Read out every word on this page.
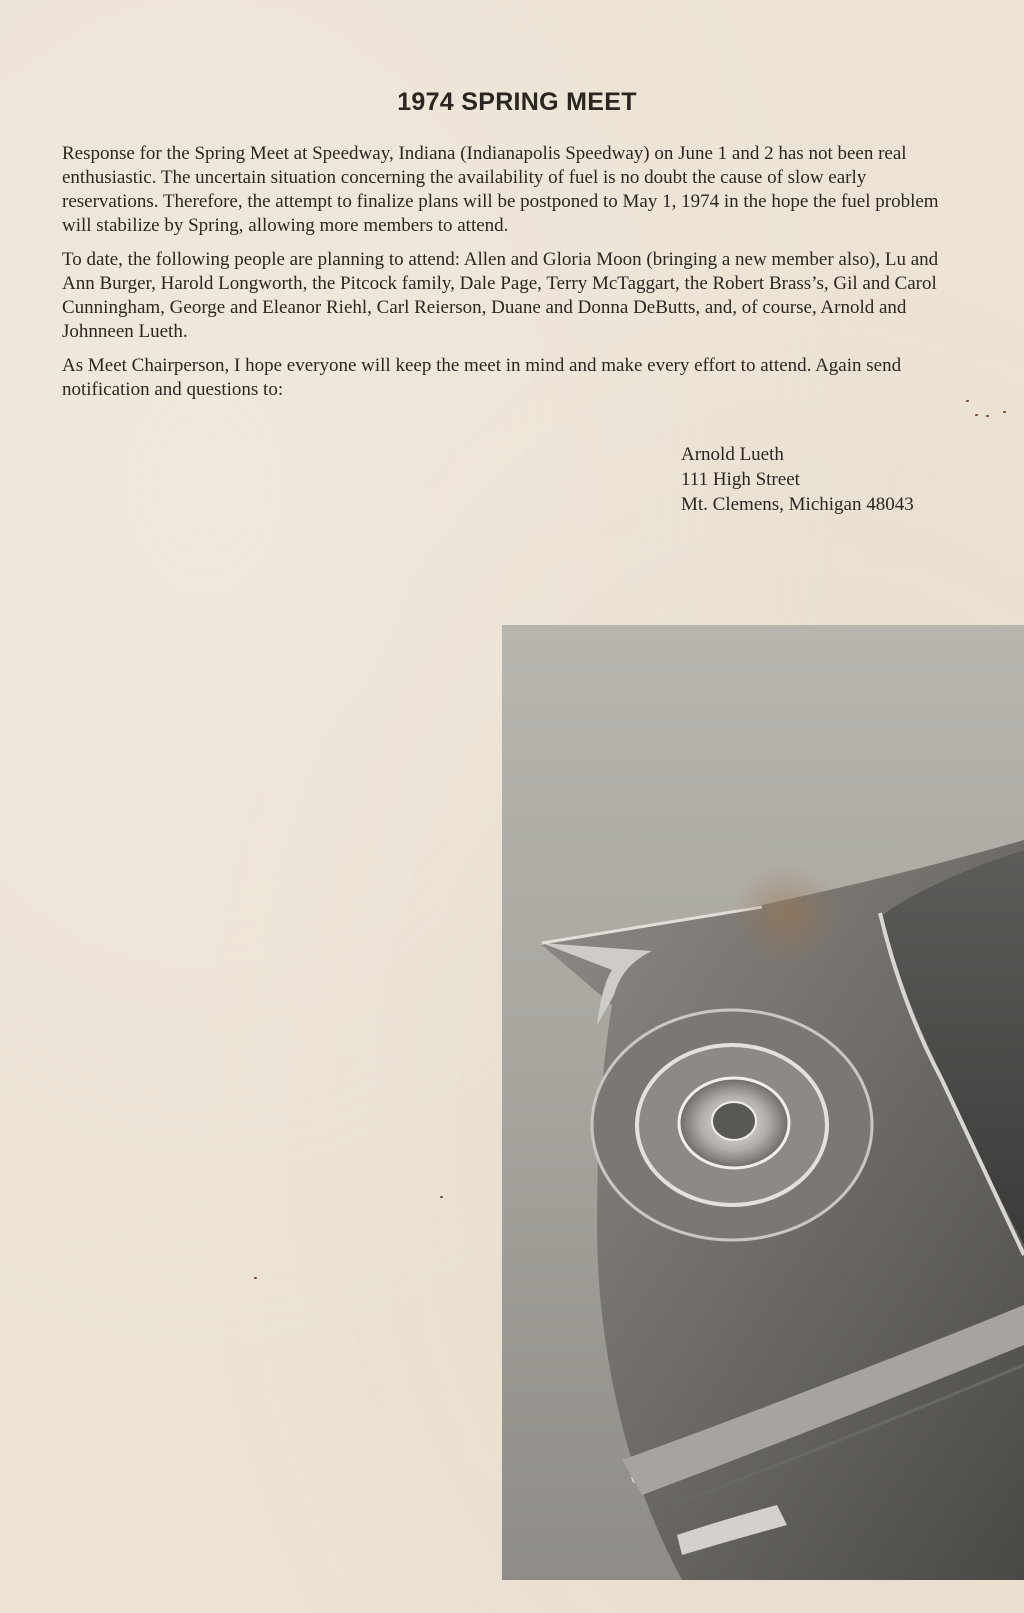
1974 SPRING MEET

Response for the Spring Meet at Speedway, Indiana (Indianapolis Speedway) on June 1 and 2 has not been real enthusiastic. The uncertain situation concerning the availability of fuel is no doubt the cause of slow early reservations. Therefore, the attempt to finalize plans will be postponed to May 1, 1974 in the hope the fuel problem will stabilize by Spring, allowing more members to attend.

To date, the following people are planning to attend: Allen and Gloria Moon (bringing a new member also), Lu and Ann Burger, Harold Longworth, the Pitcock family, Dale Page, Terry McTaggart, the Robert Brass’s, Gil and Carol Cunningham, George and Eleanor Riehl, Carl Reierson, Duane and Donna DeButts, and, of course, Arnold and Johnneen Lueth.

As Meet Chairperson, I hope everyone will keep the meet in mind and make every effort to attend. Again send notification and questions to:

Arnold Lueth
111 High Street
Mt. Clemens, Michigan 48043
